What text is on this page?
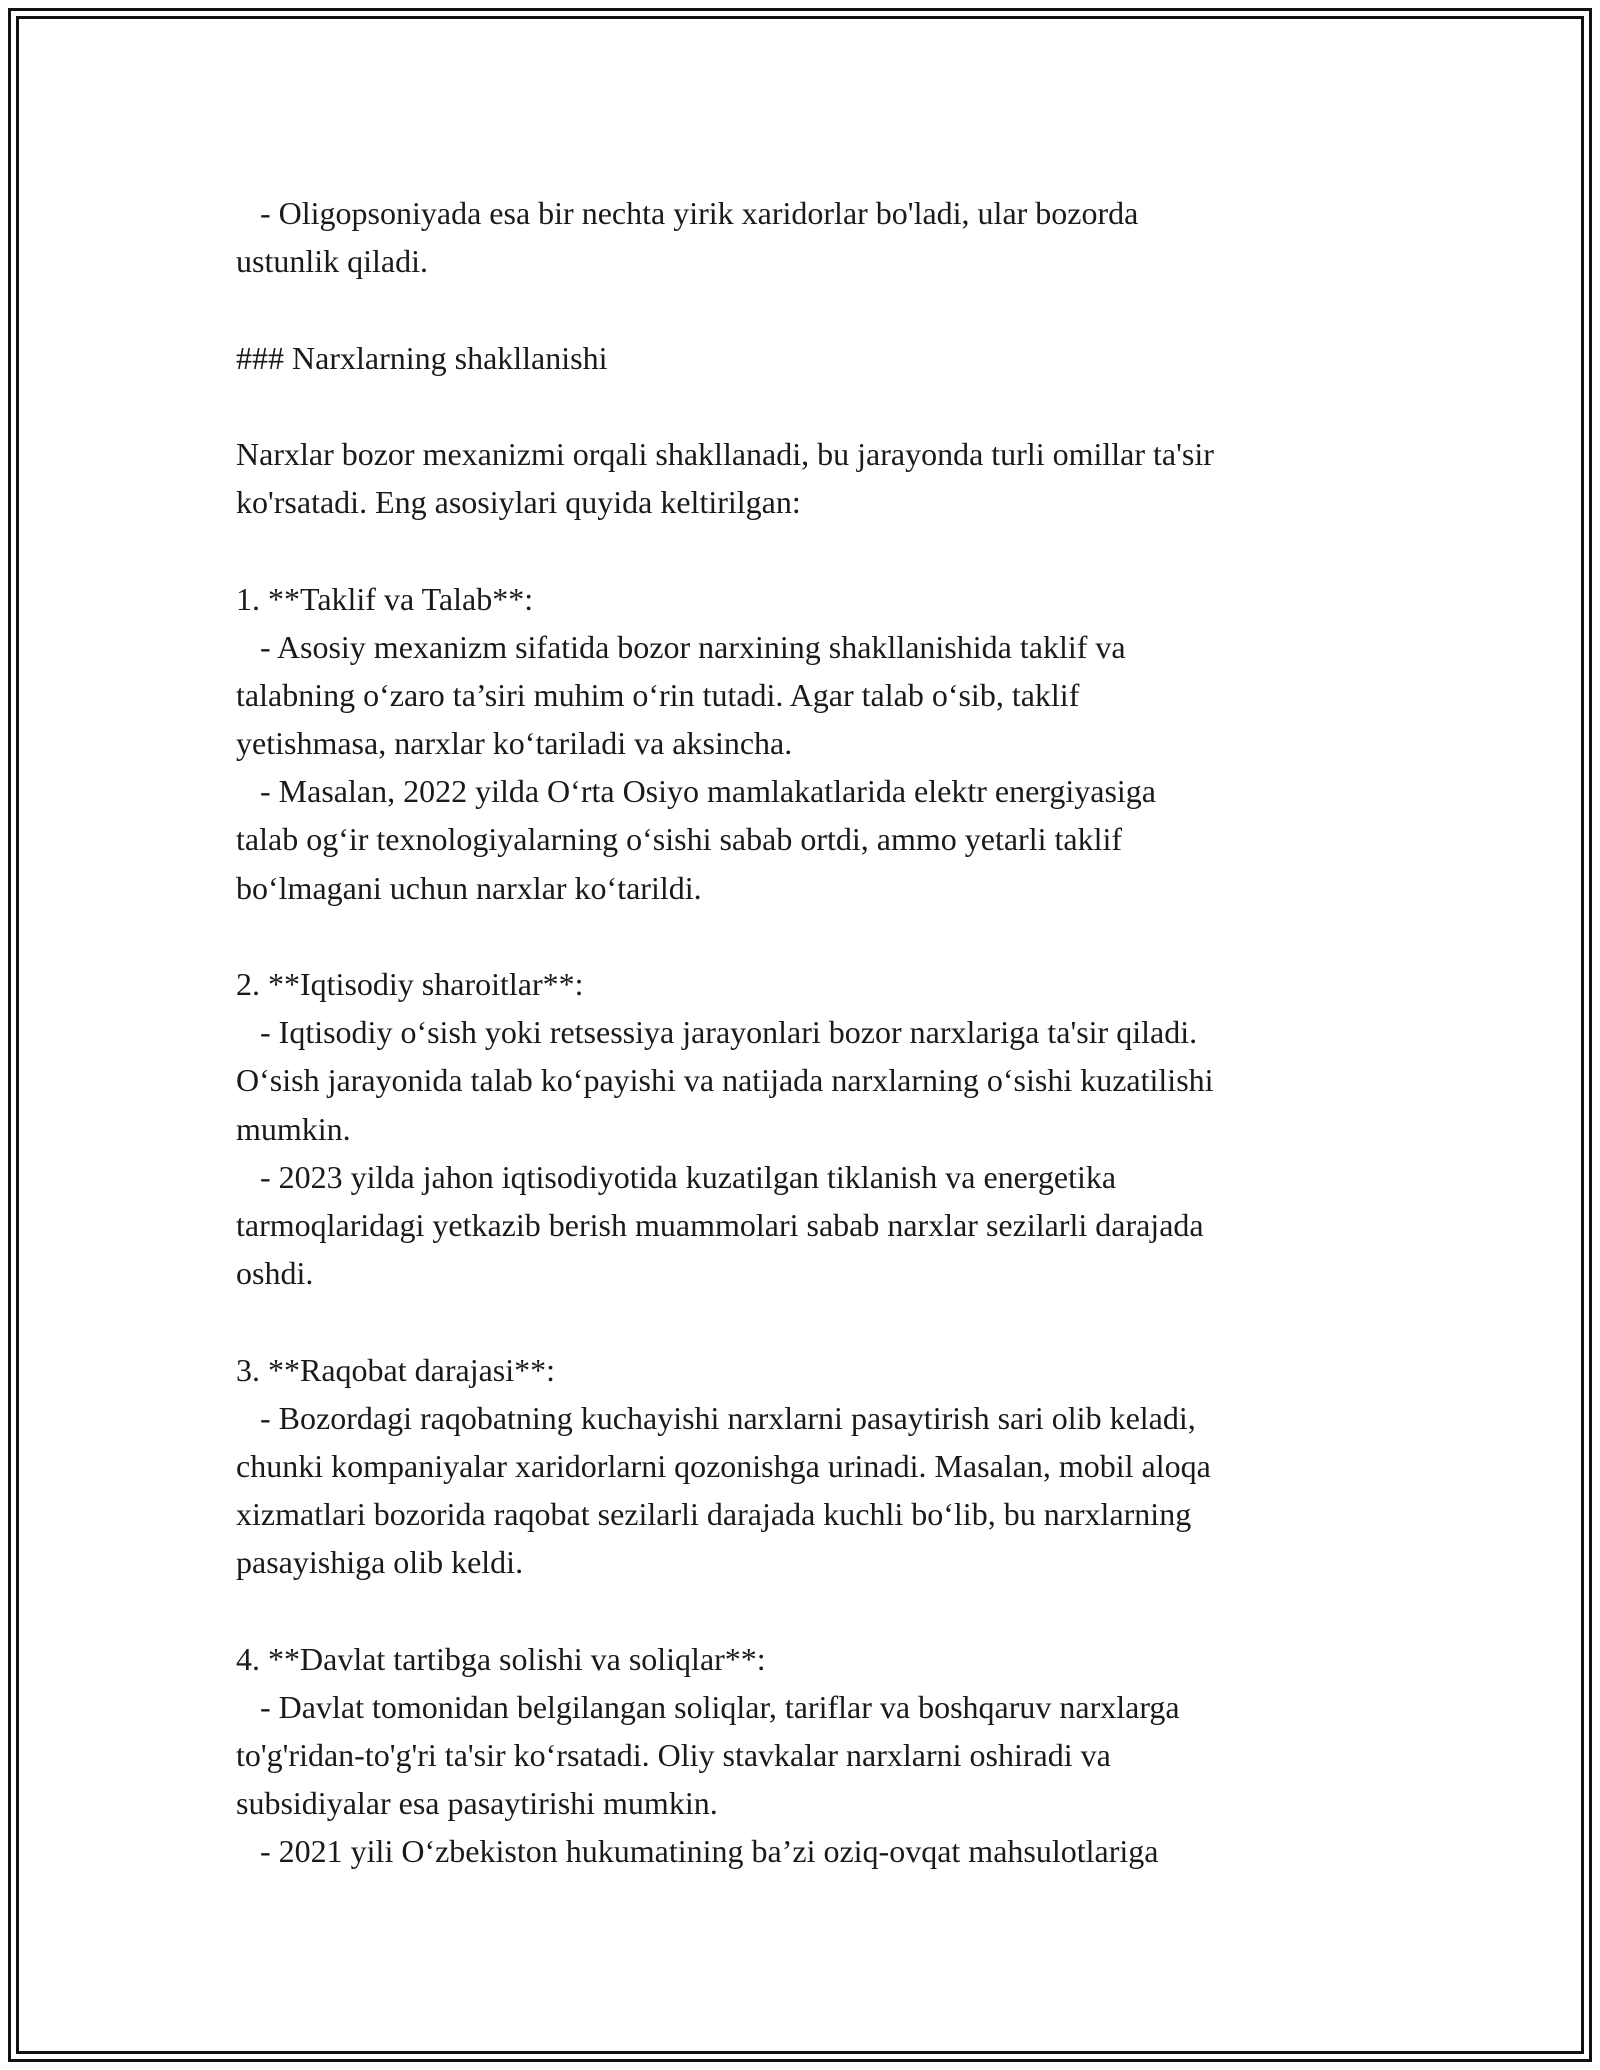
- Oligopsoniyada esa bir nechta yirik xaridorlar bo'ladi, ular bozorda
ustunlik qiladi.
### Narxlarning shakllanishi
Narxlar bozor mexanizmi orqali shakllanadi, bu jarayonda turli omillar ta'sir
ko'rsatadi. Eng asosiylari quyida keltirilgan:
1. **Taklif va Talab**:
- Asosiy mexanizm sifatida bozor narxining shakllanishida taklif va
talabning o‘zaro ta’siri muhim o‘rin tutadi. Agar talab o‘sib, taklif
yetishmasa, narxlar ko‘tariladi va aksincha.
- Masalan, 2022 yilda O‘rta Osiyo mamlakatlarida elektr energiyasiga
talab og‘ir texnologiyalarning o‘sishi sabab ortdi, ammo yetarli taklif
bo‘lmagani uchun narxlar ko‘tarildi.
2. **Iqtisodiy sharoitlar**:
- Iqtisodiy o‘sish yoki retsessiya jarayonlari bozor narxlariga ta'sir qiladi.
O‘sish jarayonida talab ko‘payishi va natijada narxlarning o‘sishi kuzatilishi
mumkin.
- 2023 yilda jahon iqtisodiyotida kuzatilgan tiklanish va energetika
tarmoqlaridagi yetkazib berish muammolari sabab narxlar sezilarli darajada
oshdi.
3. **Raqobat darajasi**:
- Bozordagi raqobatning kuchayishi narxlarni pasaytirish sari olib keladi,
chunki kompaniyalar xaridorlarni qozonishga urinadi. Masalan, mobil aloqa
xizmatlari bozorida raqobat sezilarli darajada kuchli bo‘lib, bu narxlarning
pasayishiga olib keldi.
4. **Davlat tartibga solishi va soliqlar**:
- Davlat tomonidan belgilangan soliqlar, tariflar va boshqaruv narxlarga
to'g'ridan-to'g'ri ta'sir ko‘rsatadi. Oliy stavkalar narxlarni oshiradi va
subsidiyalar esa pasaytirishi mumkin.
- 2021 yili O‘zbekiston hukumatining ba’zi oziq-ovqat mahsulotlariga
